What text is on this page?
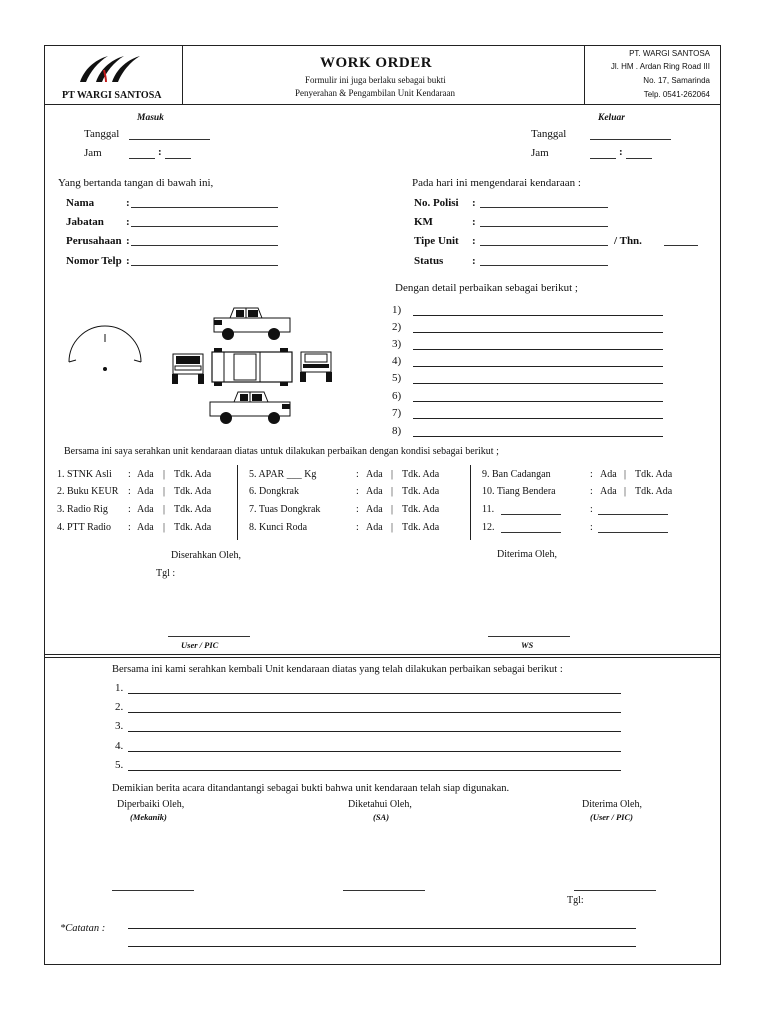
PT WARGI SANTOSA
WORK ORDER
Formulir ini juga berlaku sebagai bukti
Penyerahan & Pengambilan Unit Kendaraan
PT. WARGI SANTOSA
Jl. HM . Ardan Ring Road III
No. 17, Samarinda
Telp. 0541-262064
Masuk
Tanggal
Jam	:
Keluar
Tanggal
Jam	:
Yang bertanda tangan di bawah ini,
Nama	:
Jabatan :
Perusahaan :
Nomor Telp :
Pada hari ini mengendarai kendaraan :
No. Polisi :
KM	:
Tipe Unit :	/ Thn.
Status	:
Dengan detail perbaikan sebagai berikut ;
1)
2)
3)
4)
5)
6)
7)
8)
Bersama ini saya serahkan unit kendaraan diatas untuk dilakukan perbaikan dengan kondisi sebagai berikut ;
1. STNK Asli : Ada | Tdk. Ada
2. Buku KEUR : Ada | Tdk. Ada
3. Radio Rig : Ada | Tdk. Ada
4. PTT Radio : Ada | Tdk. Ada
5. APAR ___ Kg	: Ada | Tdk. Ada
6. Dongkrak	: Ada | Tdk. Ada
7. Tuas Dongkrak	: Ada | Tdk. Ada
8. Kunci Roda	: Ada | Tdk. Ada
9. Ban Cadangan	: Ada | Tdk. Ada
10. Tiang Bendera	: Ada | Tdk. Ada
11.	:
12.	:
Diserahkan Oleh,
Tgl :
Diterima Oleh,
User / PIC	WS
Bersama ini kami serahkan kembali Unit kendaraan diatas yang telah dilakukan perbaikan sebagai berikut :
1.
2.
3.
4.
5.
Demikian berita acara ditandantangi sebagai bukti bahwa unit kendaraan telah siap digunakan.
Diperbaiki Oleh,
(Mekanik)
Diketahui Oleh,
(SA)
Diterima Oleh,
(User / PIC)
Tgl:
*Catatan :
